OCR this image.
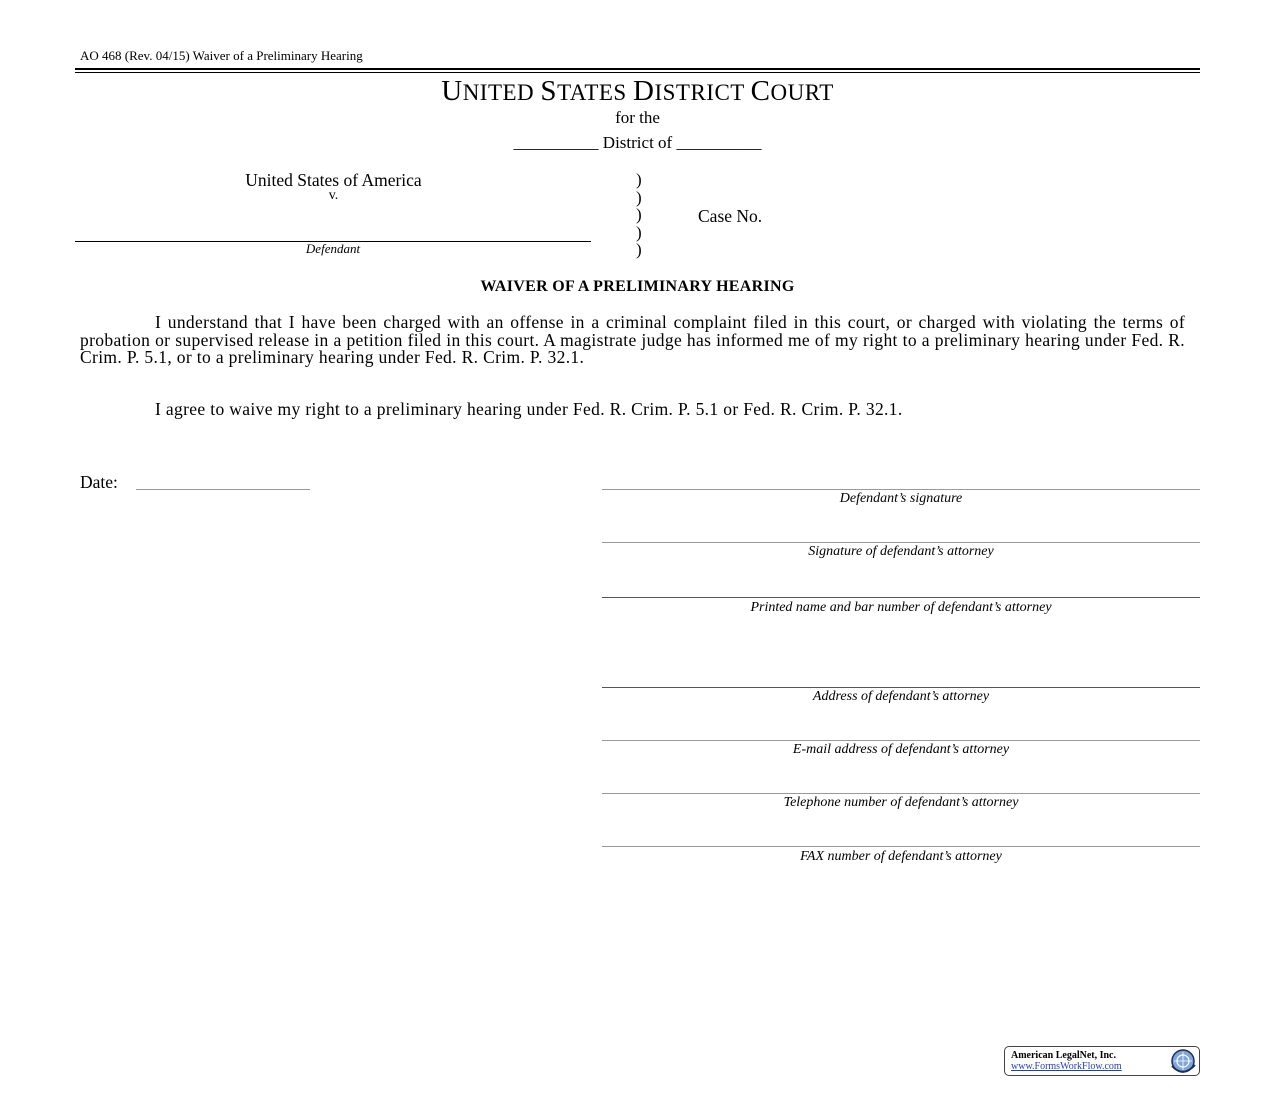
AO 468 (Rev. 04/15) Waiver of a Preliminary Hearing
UNITED STATES DISTRICT COURT
for the
__________ District of __________
United States of America
v.
Defendant
)
)
)
)
)
Case No.
WAIVER OF A PRELIMINARY HEARING
I understand that I have been charged with an offense in a criminal complaint filed in this court, or charged with violating the terms of probation or supervised release in a petition filed in this court. A magistrate judge has informed me of my right to a preliminary hearing under Fed. R. Crim. P. 5.1, or to a preliminary hearing under Fed. R. Crim. P. 32.1.
I agree to waive my right to a preliminary hearing under Fed. R. Crim. P. 5.1 or Fed. R. Crim. P. 32.1.
Date:
Defendant’s signature
Signature of defendant’s attorney
Printed name and bar number of defendant’s attorney
Address of defendant’s attorney
E-mail address of defendant’s attorney
Telephone number of defendant’s attorney
FAX number of defendant’s attorney
American LegalNet, Inc.
www.FormsWorkFlow.com
